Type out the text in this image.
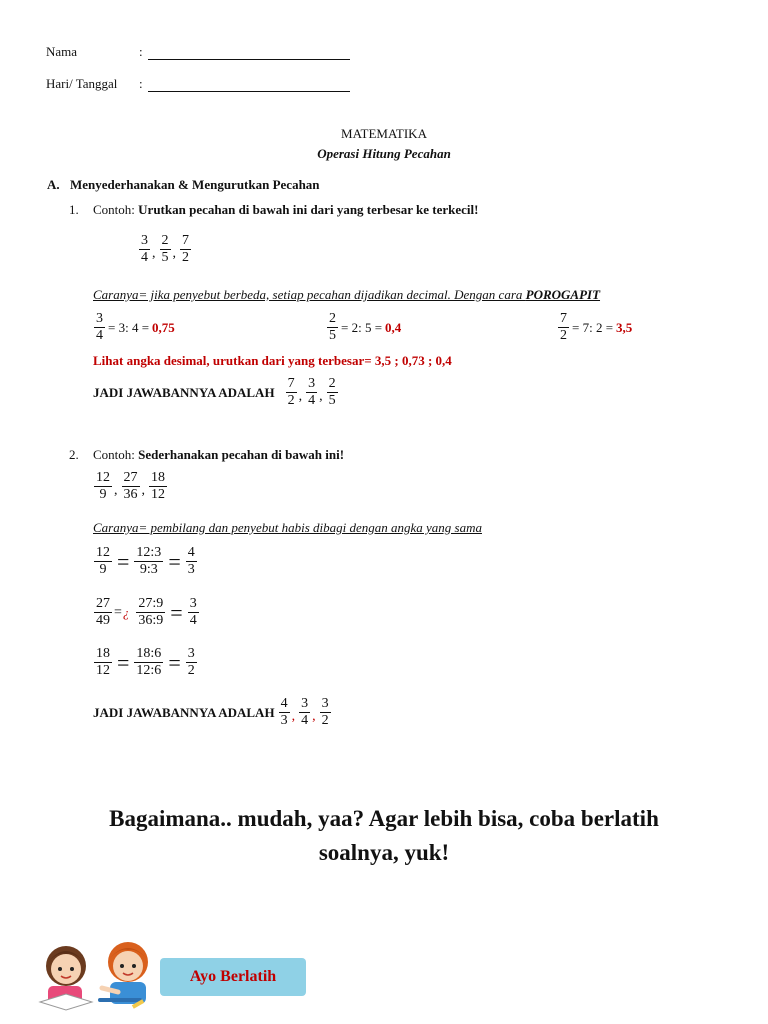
Nama	:
Hari/ Tanggal :
MATEMATIKA
Operasi Hitung Pecahan
A. Menyederhanakan & Mengurutkan Pecahan
1. Contoh: Urutkan pecahan di bawah ini dari yang terbesar ke terkecil!
$\frac{3}{4}$ , $\frac{2}{5}$ , $\frac{7}{2}$
Caranya= jika penyebut berbeda, setiap pecahan dijadikan decimal. Dengan cara POROGAPIT
$\frac{3}{4} = 3$: 4 = 0,75	$\frac{2}{5} = 2$: 5 = 0,4	$\frac{7}{2} = 7$: 2 = 3,5
Lihat angka desimal, urutkan dari yang terbesar= 3,5 ; 0,73 ; 0,4
JADI JAWABANNYA ADALAH $\frac{7}{2}$ , $\frac{3}{4}$ , $\frac{2}{5}$
2. Contoh: Sederhanakan pecahan di bawah ini!
$\frac{12}{9}$ , $\frac{27}{36}$ , $\frac{18}{12}$
Caranya= pembilang dan penyebut habis dibagi dengan angka yang sama
$\frac{12}{9} = \frac{12:3}{9:3} = \frac{4}{3}$
$\frac{27}{49}$ = ¿ $\frac{27:9}{36:9} = \frac{3}{4}$
$\frac{18}{12} = \frac{18:6}{12:6} = \frac{3}{2}$
JADI JAWABANNYA ADALAH $\frac{4}{3}$ , $\frac{3}{4}$ , $\frac{3}{2}$
Bagaimana.. mudah, yaa? Agar lebih bisa, coba berlatih
soalnya, yuk!
Ayo Berlatih
